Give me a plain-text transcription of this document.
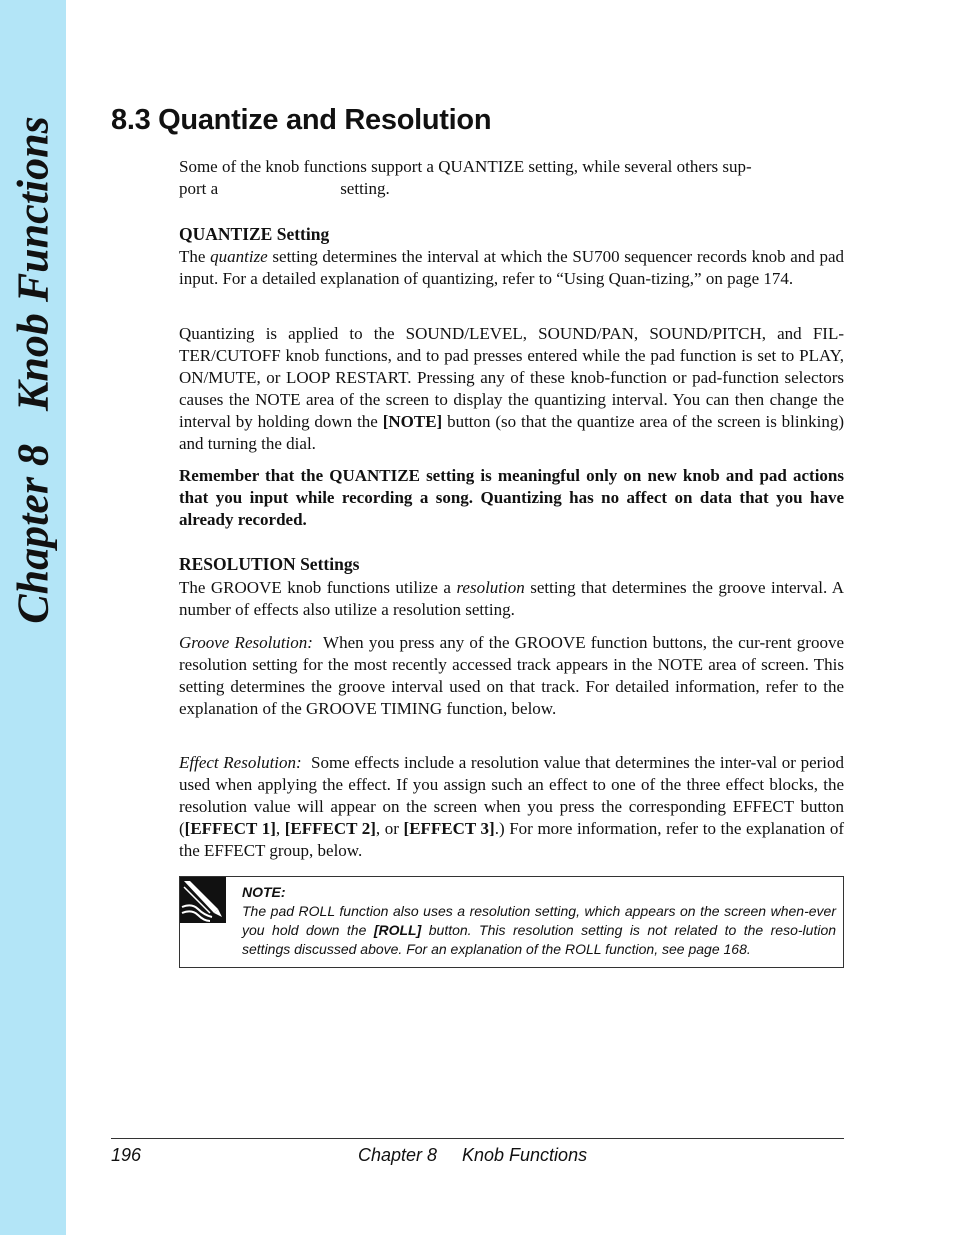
Chapter 8   Knob Functions 8.3 Quantize and Resolution
Some of the knob functions support a QUANTIZE setting, while several others sup-
port a	setting.
QUANTIZE Setting

The quantize setting determines the interval at which the SU700 sequencer records knob and pad input. For a detailed explanation of quantizing, refer to “Using Quan-tizing,” on page 174.

Quantizing is applied to the SOUND/LEVEL, SOUND/PAN, SOUND/PITCH, and FIL-TER/CUTOFF knob functions, and to pad presses entered while the pad function is set to PLAY, ON/MUTE, or LOOP RESTART. Pressing any of these knob-function or pad-function selectors causes the NOTE area of the screen to display the quantizing interval. You can then change the interval by holding down the [NOTE] button (so that the quantize area of the screen is blinking) and turning the dial.

Remember that the QUANTIZE setting is meaningful only on new knob and pad actions that you input while recording a song. Quantizing has no affect on data that you have already recorded.

RESOLUTION Settings

The GROOVE knob functions utilize a resolution setting that determines the groove interval. A number of effects also utilize a resolution setting.

Groove Resolution: When you press any of the GROOVE function buttons, the cur-rent groove resolution setting for the most recently accessed track appears in the NOTE area of screen. This setting determines the groove interval used on that track. For detailed information, refer to the explanation of the GROOVE TIMING function, below.

Effect Resolution: Some effects include a resolution value that determines the inter-val or period used when applying the effect. If you assign such an effect to one of the three effect blocks, the resolution value will appear on the screen when you press the corresponding EFFECT button ([EFFECT 1], [EFFECT 2], or [EFFECT 3].) For more information, refer to the explanation of the EFFECT group, below.

NOTE:
The pad ROLL function also uses a resolution setting, which appears on the screen when-ever you hold down the [ROLL] button. This resolution setting is not related to the reso-lution settings discussed above. For an explanation of the ROLL function, see page 168.
196	Chapter 8 Knob Functions
